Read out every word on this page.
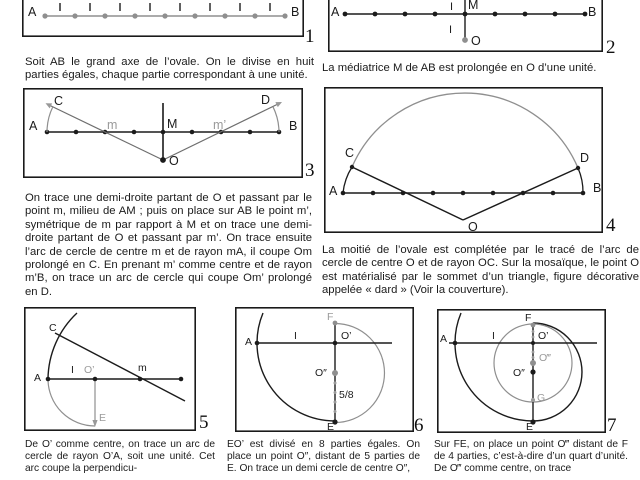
A	B
1
Soit AB le grand axe de l’ovale. On le divise en huit parties égales, chaque partie correspondant à une unité.
M
O
I
I
A	B
2
La médiatrice M de AB est prolongée en O d’une unité.
C	D
A	B
M
m	m’
O	3
On trace une demi-droite partant de O et passant par le point m, milieu de AM ; puis on place sur AB le point m’, symétrique de m par rapport à M et on trace une demi-droite partant de O et passant par m’. On trace ensuite l’arc de cercle de centre m et de rayon mA, il coupe Om prolongé en C. En prenant m’ comme centre et de rayon m’B, on trace un arc de cercle qui coupe Om’ prolongé en D.
A	B
C	D
O	4
La moitié de l’ovale est complétée par le tracé de l’arc de cercle de centre O et de rayon OC. Sur la mosaïque, le point O est matérialisé par le sommet d’un triangle, figure décorative appelée « dard » (Voir la couverture).
C
A
I O’	m
E	5
De O’ comme centre, on trace un arc de cercle de rayon O’A, soit une unité. Cet arc coupe la perpendicu-
A	I	O’
F
O″
5/8
E	6
EO’ est divisé en 8 parties égales. On place un point O″, distant de 5 parties de E. On trace un demi cercle de centre O″,
A	I
F
O’
O‴
O″
G
E	7
Sur FE, on place un point O‴ distant de F de 4 parties, c’est-à-dire d’un quart d’unité. De O‴ comme centre, on trace
